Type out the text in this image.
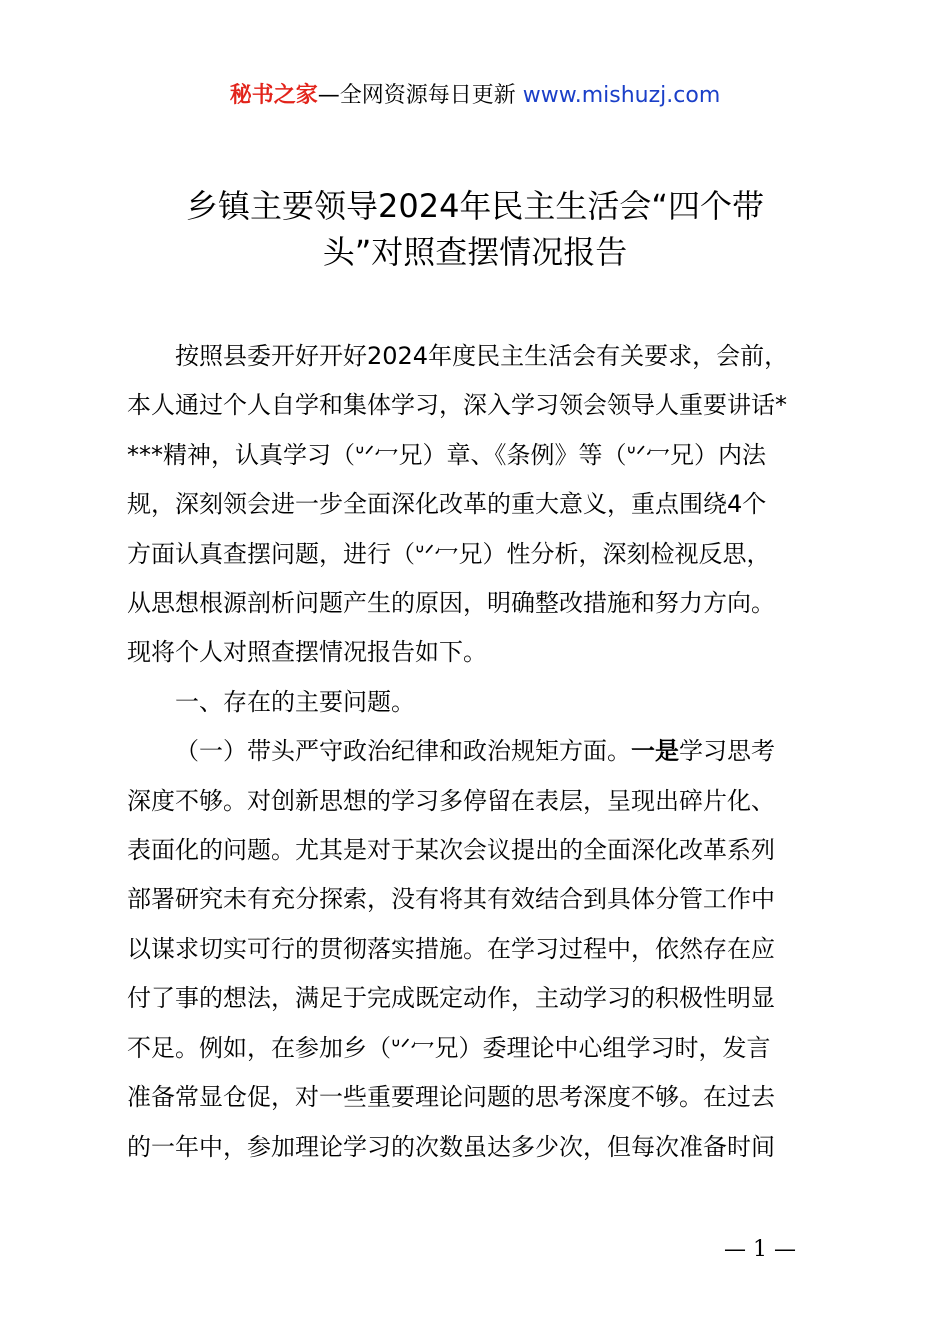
秘书之家—全网资源每日更新 www.mishuzj.com
乡镇主要领导2024年民主生活会“四个带
头”对照查摆情况报告
按照县委开好开好2024年度民主生活会有关要求，会前，
本人通过个人自学和集体学习，深入学习领会领导人重要讲话*
***精神，认真学习（ᐡᐟ冖兄）章、《条例》等（ᐡᐟ冖兄）内法
规，深刻领会进一步全面深化改革的重大意义，重点围绕4个
方面认真查摆问题，进行（ᐡᐟ冖兄）性分析，深刻检视反思，
从思想根源剖析问题产生的原因，明确整改措施和努力方向。
现将个人对照查摆情况报告如下。
一、存在的主要问题。
（一）带头严守政治纪律和政治规矩方面。一是学习思考
深度不够。对创新思想的学习多停留在表层，呈现出碎片化、
表面化的问题。尤其是对于某次会议提出的全面深化改革系列
部署研究未有充分探索，没有将其有效结合到具体分管工作中
以谋求切实可行的贯彻落实措施。在学习过程中，依然存在应
付了事的想法，满足于完成既定动作，主动学习的积极性明显
不足。例如，在参加乡（ᐡᐟ冖兄）委理论中心组学习时，发言
准备常显仓促，对一些重要理论问题的思考深度不够。在过去
的一年中，参加理论学习的次数虽达多少次，但每次准备时间
— 1 —
